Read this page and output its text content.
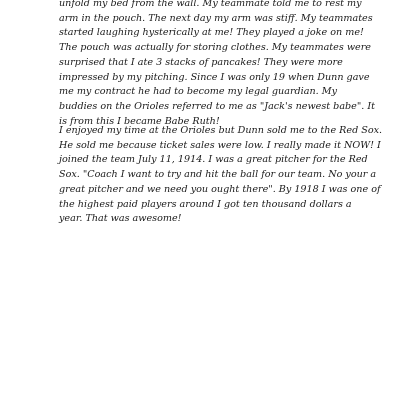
unfold my bed from the wall. My teammate told me to rest my
arm in the pouch. The next day my arm was stiff. My teammates
started laughing hysterically at me! They played a joke on me!
The pouch was actually for storing clothes. My teammates were
surprised that I ate 3 stacks of pancakes! They were more
impressed by my pitching. Since I was only 19 when Dunn gave
me my contract he had to become my legal guardian. My
buddies on the Orioles referred to me as "Jack's newest babe". It
is from this I became Babe Ruth!

I enjoyed my time at the Orioles but Dunn sold me to the Red Sox.
He sold me because ticket sales were low. I really made it NOW! I
joined the team July 11, 1914. I was a great pitcher for the Red
Sox. "Coach I want to try and hit the ball for our team. No your a
great pitcher and we need you ought there". By 1918 I was one of
the highest paid players around I got ten thousand dollars a
year. That was awesome!
